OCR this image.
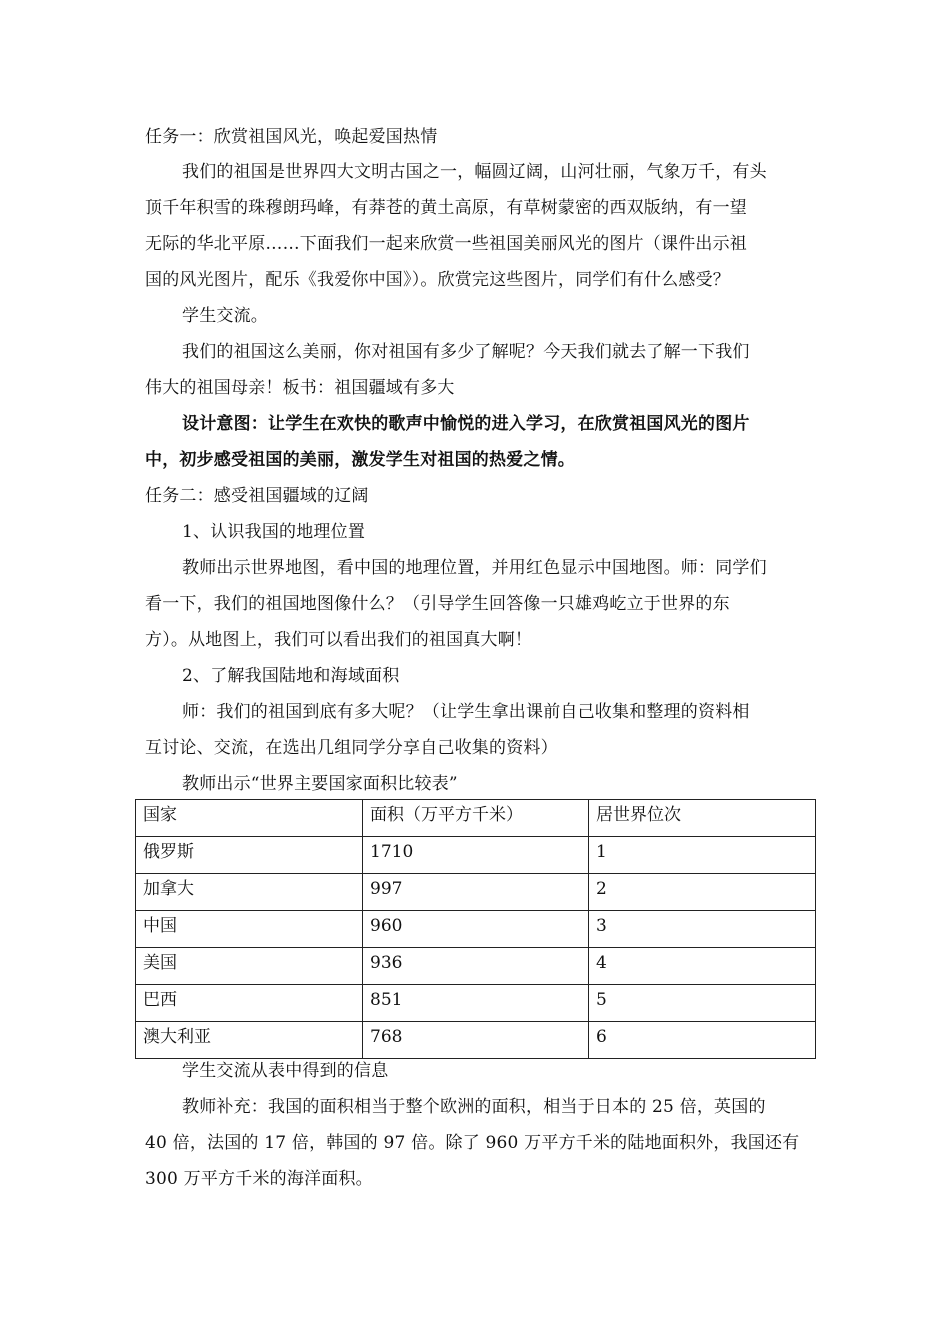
任务一：欣赏祖国风光，唤起爱国热情
我们的祖国是世界四大文明古国之一，幅圆辽阔，山河壮丽，气象万千，有头
顶千年积雪的珠穆朗玛峰，有莽苍的黄土高原，有草树蒙密的西双版纳，有一望
无际的华北平原……下面我们一起来欣赏一些祖国美丽风光的图片（课件出示祖
国的风光图片，配乐《我爱你中国》）。欣赏完这些图片，同学们有什么感受？
学生交流。
我们的祖国这么美丽，你对祖国有多少了解呢？今天我们就去了解一下我们
伟大的祖国母亲！板书：祖国疆域有多大
设计意图：让学生在欢快的歌声中愉悦的进入学习，在欣赏祖国风光的图片
中，初步感受祖国的美丽，激发学生对祖国的热爱之情。
任务二：感受祖国疆域的辽阔
1、认识我国的地理位置
教师出示世界地图，看中国的地理位置，并用红色显示中国地图。师：同学们
看一下，我们的祖国地图像什么？（引导学生回答像一只雄鸡屹立于世界的东
方）。从地图上，我们可以看出我们的祖国真大啊！
2、了解我国陆地和海域面积
师：我们的祖国到底有多大呢？（让学生拿出课前自己收集和整理的资料相
互讨论、交流，在选出几组同学分享自己收集的资料）
教师出示“世界主要国家面积比较表”
国家	面积（万平方千米）	居世界位次
俄罗斯	1710	1
加拿大	997	2
中国	960	3
美国	936	4
巴西	851	5
澳大利亚	768	6
学生交流从表中得到的信息
教师补充：我国的面积相当于整个欧洲的面积，相当于日本的 25 倍，英国的
40 倍，法国的 17 倍，韩国的 97 倍。除了 960 万平方千米的陆地面积外，我国还有
300 万平方千米的海洋面积。
